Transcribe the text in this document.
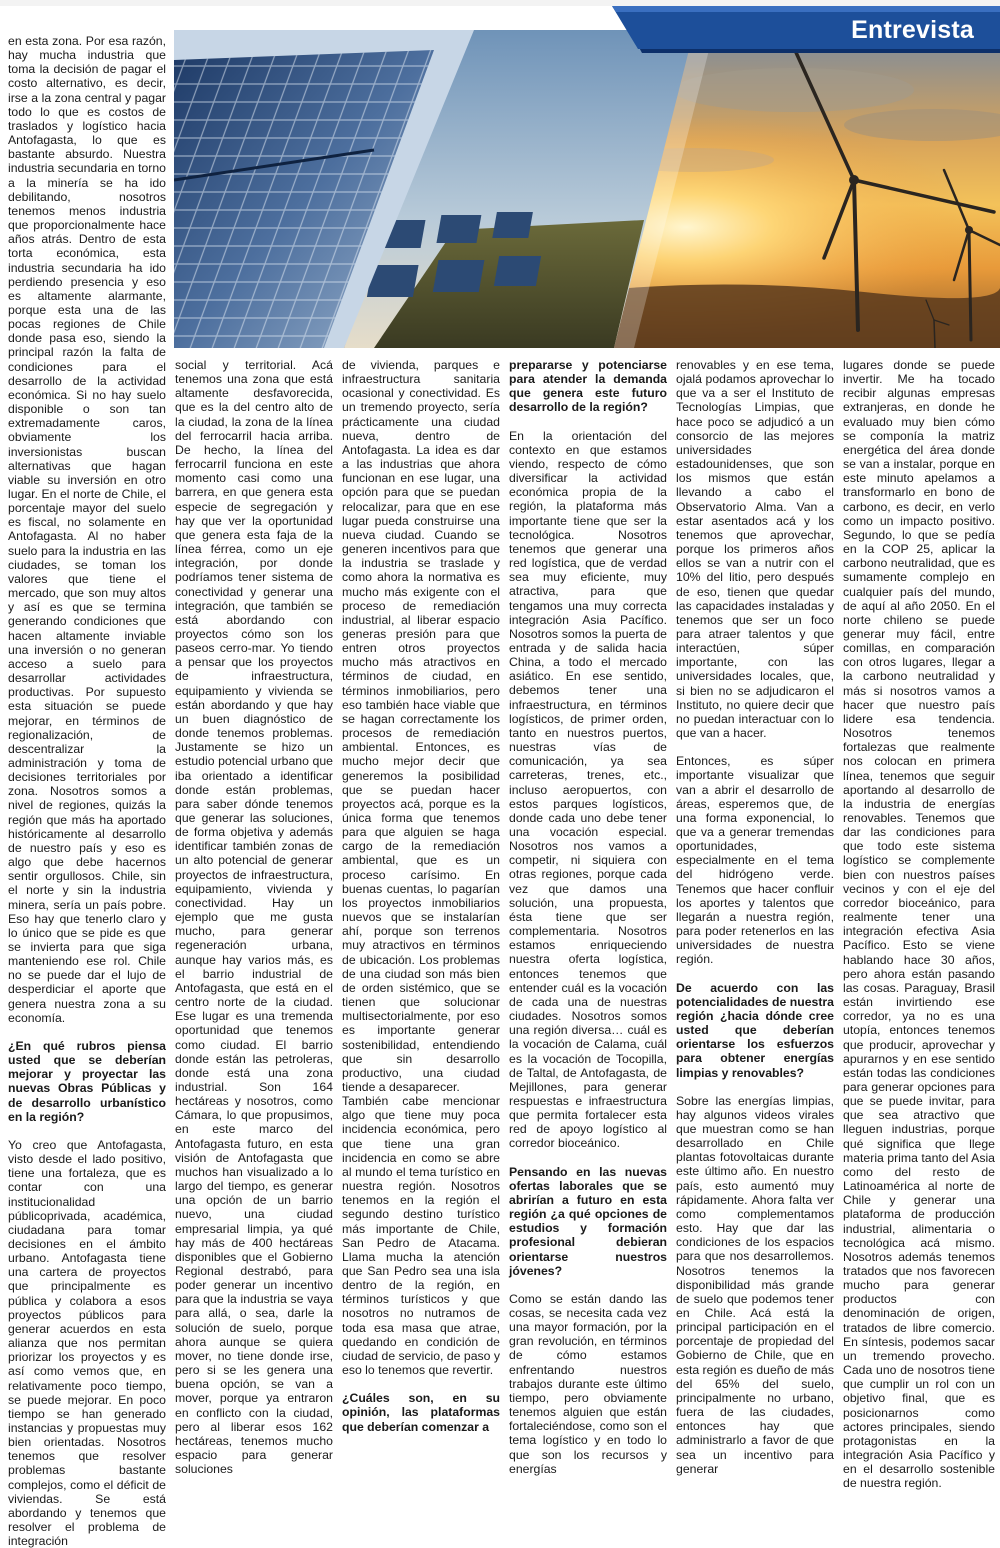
Entrevista

en esta zona. Por esa razón, hay mucha industria que toma la decisión de pagar el costo alternativo, es decir, irse a la zona central y pagar todo lo que es costos de traslados y logístico hacia Antofagasta, lo que es bastante absurdo. Nuestra industria secundaria en torno a la minería se ha ido debilitando, nosotros tenemos menos industria que proporcionalmente hace años atrás. Dentro de esta torta económica, esta industria secundaria ha ido perdiendo presencia y eso es altamente alarmante, porque esta una de las pocas regiones de Chile donde pasa eso, siendo la principal razón la falta de condiciones para el desarrollo de la actividad económica. Si no hay suelo disponible o son tan extremadamente caros, obviamente los inversionistas buscan alternativas que hagan viable su inversión en otro lugar. En el norte de Chile, el porcentaje mayor del suelo es fiscal, no solamente en Antofagasta. Al no haber suelo para la industria en las ciudades, se toman los valores que tiene el mercado, que son muy altos y así es que se termina generando condiciones que hacen altamente inviable una inversión o no generan acceso a suelo para desarrollar actividades productivas. Por supuesto esta situación se puede mejorar, en términos de regionalización, de descentralizar la administración y toma de decisiones territoriales por zona. Nosotros somos a nivel de regiones, quizás la región que más ha aportado históricamente al desarrollo de nuestro país y eso es algo que debe hacernos sentir orgullosos. Chile, sin el norte y sin la industria minera, sería un país pobre. Eso hay que tenerlo claro y lo único que se pide es que se invierta para que siga manteniendo ese rol. Chile no se puede dar el lujo de desperdiciar el aporte que genera nuestra zona a su economía.

¿En qué rubros piensa usted que se deberían mejorar y proyectar las nuevas Obras Públicas y de desarrollo urbanístico en la región?

Yo creo que Antofagasta, visto desde el lado positivo, tiene una fortaleza, que es contar con una institucionalidad públicoprivada, académica, ciudadana para tomar decisiones en el ámbito urbano. Antofagasta tiene una cartera de proyectos que principalmente es pública y colabora a esos proyectos públicos para generar acuerdos en esta alianza que nos permitan priorizar los proyectos y es así como vemos que, en relativamente poco tiempo, se puede mejorar. En poco tiempo se han generado instancias y propuestas muy bien orientadas. Nosotros tenemos que resolver problemas bastante complejos, como el déficit de viviendas. Se está abordando y tenemos que resolver el problema de integración

social y territorial. Acá tenemos una zona que está altamente desfavorecida, que es la del centro alto de la ciudad, la zona de la línea del ferrocarril hacia arriba. De hecho, la línea del ferrocarril funciona en este momento casi como una barrera, en que genera esta especie de segregación y hay que ver la oportunidad que genera esta faja de la línea férrea, como un eje integración, por donde podríamos tener sistema de conectividad y generar una integración, que también se está abordando con proyectos cómo son los paseos cerro-mar. Yo tiendo a pensar que los proyectos de infraestructura, equipamiento y vivienda se están abordando y que hay un buen diagnóstico de donde tenemos problemas. Justamente se hizo un estudio potencial urbano que iba orientado a identificar donde están problemas, para saber dónde tenemos que generar las soluciones, de forma objetiva y además identificar también zonas de un alto potencial de generar proyectos de infraestructura, equipamiento, vivienda y conectividad. Hay un ejemplo que me gusta mucho, para generar regeneración urbana, aunque hay varios más, es el barrio industrial de Antofagasta, que está en el centro norte de la ciudad. Ese lugar es una tremenda oportunidad que tenemos como ciudad. El barrio donde están las petroleras, donde está una zona industrial. Son 164 hectáreas y nosotros, como Cámara, lo que propusimos, en este marco del Antofagasta futuro, en esta visión de Antofagasta que muchos han visualizado a lo largo del tiempo, es generar una opción de un barrio nuevo, una ciudad empresarial limpia, ya qué hay más de 400 hectáreas disponibles que el Gobierno Regional destrabó, para poder generar un incentivo para que la industria se vaya para allá, o sea, darle la solución de suelo, porque ahora aunque se quiera mover, no tiene donde irse, pero si se les genera una buena opción, se van a mover, porque ya entraron en conflicto con la ciudad, pero al liberar esos 162 hectáreas, tenemos mucho espacio para generar soluciones

de vivienda, parques e infraestructura sanitaria ocasional y conectividad. Es un tremendo proyecto, sería prácticamente una ciudad nueva, dentro de Antofagasta. La idea es dar a las industrias que ahora funcionan en ese lugar, una opción para que se puedan relocalizar, para que en ese lugar pueda construirse una nueva ciudad. Cuando se generen incentivos para que la industria se traslade y como ahora la normativa es mucho más exigente con el proceso de remediación industrial, al liberar espacio generas presión para que entren otros proyectos mucho más atractivos en términos de ciudad, en términos inmobiliarios, pero eso también hace viable que se hagan correctamente los procesos de remediación ambiental. Entonces, es mucho mejor decir que generemos la posibilidad que se puedan hacer proyectos acá, porque es la única forma que tenemos para que alguien se haga cargo de la remediación ambiental, que es un proceso carísimo. En buenas cuentas, lo pagarían los proyectos inmobiliarios nuevos que se instalarían ahí, porque son terrenos muy atractivos en términos de ubicación. Los problemas de una ciudad son más bien de orden sistémico, que se tienen que solucionar multisectorialmente, por eso es importante generar sostenibilidad, entendiendo que sin desarrollo productivo, una ciudad tiende a desaparecer.

También cabe mencionar algo que tiene muy poca incidencia económica, pero que tiene una gran incidencia en como se abre al mundo el tema turístico en nuestra región. Nosotros tenemos en la región el segundo destino turístico más importante de Chile, San Pedro de Atacama. Llama mucha la atención que San Pedro sea una isla dentro de la región, en términos turísticos y que nosotros no nutramos de toda esa masa que atrae, quedando en condición de ciudad de servicio, de paso y eso lo tenemos que revertir.

¿Cuáles son, en su opinión, las plataformas que deberían comenzar a

prepararse y potenciarse para atender la demanda que genera este futuro desarrollo de la región?

En la orientación del contexto en que estamos viendo, respecto de cómo diversificar la actividad económica propia de la región, la plataforma más importante tiene que ser la tecnológica. Nosotros tenemos que generar una red logística, que de verdad sea muy eficiente, muy atractiva, para que tengamos una muy correcta integración Asia Pacífico. Nosotros somos la puerta de entrada y de salida hacia China, a todo el mercado asiático. En ese sentido, debemos tener una infraestructura, en términos logísticos, de primer orden, tanto en nuestros puertos, nuestras vías de comunicación, ya sea carreteras, trenes, etc., incluso aeropuertos, con estos parques logísticos, donde cada uno debe tener una vocación especial. Nosotros nos vamos a competir, ni siquiera con otras regiones, porque cada vez que damos una solución, una propuesta, ésta tiene que ser complementaria. Nosotros estamos enriqueciendo nuestra oferta logística, entonces tenemos que entender cuál es la vocación de cada una de nuestras ciudades. Nosotros somos una región diversa… cuál es la vocación de Calama, cuál es la vocación de Tocopilla, de Taltal, de Antofagasta, de Mejillones, para generar respuestas e infraestructura que permita fortalecer esta red de apoyo logístico al corredor bioceánico.

Pensando en las nuevas ofertas laborales que se abrirían a futuro en esta región ¿a qué opciones de estudios y formación profesional debieran orientarse nuestros jóvenes?

Como se están dando las cosas, se necesita cada vez una mayor formación, por la gran revolución, en términos de cómo estamos enfrentando nuestros trabajos durante este último tiempo, pero obviamente tenemos alguien que están fortaleciéndose, como son el tema logístico y en todo lo que son los recursos y energías

renovables y en ese tema, ojalá podamos aprovechar lo que va a ser el Instituto de Tecnologías Limpias, que hace poco se adjudicó a un consorcio de las mejores universidades estadounidenses, que son los mismos que están llevando a cabo el Observatorio Alma. Van a estar asentados acá y los tenemos que aprovechar, porque los primeros años ellos se van a nutrir con el 10% del litio, pero después de eso, tienen que quedar las capacidades instaladas y tenemos que ser un foco para atraer talentos y que interactúen, súper importante, con las universidades locales, que, si bien no se adjudicaron el Instituto, no quiere decir que no puedan interactuar con lo que van a hacer.

Entonces, es súper importante visualizar que van a abrir el desarrollo de áreas, esperemos que, de una forma exponencial, lo que va a generar tremendas oportunidades, especialmente en el tema del hidrógeno verde. Tenemos que hacer confluir los aportes y talentos que llegarán a nuestra región, para poder retenerlos en las universidades de nuestra región.

De acuerdo con las potencialidades de nuestra región ¿hacia dónde cree usted que deberían orientarse los esfuerzos para obtener energías limpias y renovables?

Sobre las energías limpias, hay algunos videos virales que muestran como se han desarrollado en Chile plantas fotovoltaicas durante este último año. En nuestro país, esto aumentó muy rápidamente. Ahora falta ver como complementamos esto. Hay que dar las condiciones de los espacios para que nos desarrollemos. Nosotros tenemos la disponibilidad más grande de suelo que podemos tener en Chile. Acá está la principal participación en el porcentaje de propiedad del Gobierno de Chile, que en esta región es dueño de más del 65% del suelo, principalmente no urbano, fuera de las ciudades, entonces hay que administrarlo a favor de que sea un incentivo para generar

lugares donde se puede invertir. Me ha tocado recibir algunas empresas extranjeras, en donde he evaluado muy bien cómo se componía la matriz energética del área donde se van a instalar, porque en este minuto apelamos a transformarlo en bono de carbono, es decir, en verlo como un impacto positivo. Segundo, lo que se pedía en la COP 25, aplicar la carbono neutralidad, que es sumamente complejo en cualquier país del mundo, de aquí al año 2050. En el norte chileno se puede generar muy fácil, entre comillas, en comparación con otros lugares, llegar a la carbono neutralidad y más si nosotros vamos a hacer que nuestro país lidere esa tendencia. Nosotros tenemos fortalezas que realmente nos colocan en primera línea, tenemos que seguir aportando al desarrollo de la industria de energías renovables. Tenemos que dar las condiciones para que todo este sistema logístico se complemente bien con nuestros países vecinos y con el eje del corredor bioceánico, para realmente tener una integración efectiva Asia Pacífico. Esto se viene hablando hace 30 años, pero ahora están pasando las cosas. Paraguay, Brasil están invirtiendo ese corredor, ya no es una utopía, entonces tenemos que producir, aprovechar y apurarnos y en ese sentido están todas las condiciones para generar opciones para que se puede invitar, para que sea atractivo que lleguen industrias, porque qué significa que llege materia prima tanto del Asia como del resto de Latinoamérica al norte de Chile y generar una plataforma de producción industrial, alimentaria o tecnológica acá mismo. Nosotros además tenemos tratados que nos favorecen mucho para generar productos con denominación de origen, tratados de libre comercio. En síntesis, podemos sacar un tremendo provecho. Cada uno de nosotros tiene que cumplir un rol con un objetivo final, que es posicionarnos como actores principales, siendo protagonistas en la integración Asia Pacífico y en el desarrollo sostenible de nuestra región.
